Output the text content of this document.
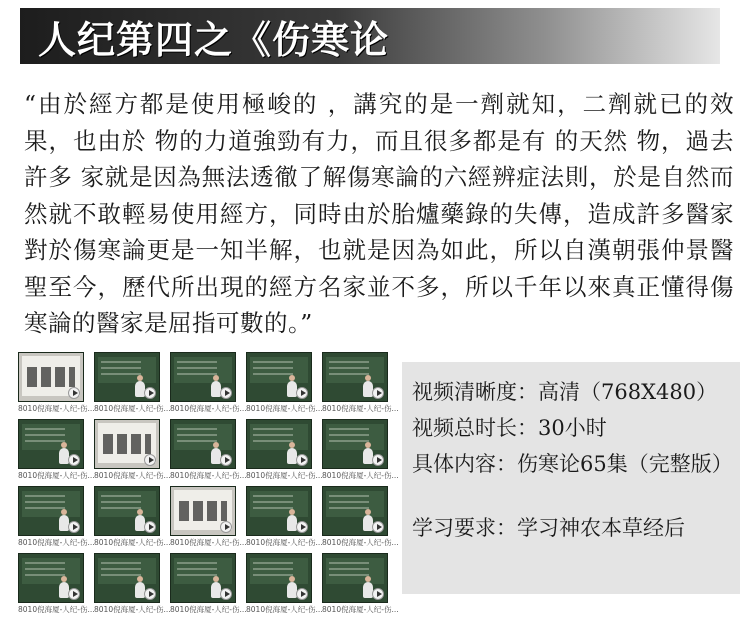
人纪第四之《伤寒论

“由於經方都是使用極峻的 ，講究的是一劑就知，二劑就已的效果，也由於 物的力道強勁有力，而且很多都是有 的天然 物，過去許多 家就是因為無法透徹了解傷寒論的六經辨症法則，於是自然而然就不敢輕易使用經方，同時由於胎爐藥錄的失傳，造成許多醫家對於傷寒論更是一知半解，也就是因為如此，所以自漢朝張仲景醫聖至今，歷代所出現的經方名家並不多，所以千年以來真正懂得傷寒論的醫家是屈指可數的。”

8010倪海厦-人纪-伤... 8010倪海厦-人纪-伤... 8010倪海厦-人纪-伤... 8010倪海厦-人纪-伤... 8010倪海厦-人纪-伤...
8010倪海厦-人纪-伤... 8010倪海厦-人纪-伤... 8010倪海厦-人纪-伤... 8010倪海厦-人纪-伤... 8010倪海厦-人纪-伤...
8010倪海厦-人纪-伤... 8010倪海厦-人纪-伤... 8010倪海厦-人纪-伤... 8010倪海厦-人纪-伤... 8010倪海厦-人纪-伤...
8010倪海厦-人纪-伤... 8010倪海厦-人纪-伤... 8010倪海厦-人纪-伤... 8010倪海厦-人纪-伤... 8010倪海厦-人纪-伤...
视频清晰度： 高清（768X480）
视频总时长： 30小时
具体内容： 伤寒论65集（完整版）
学习要求： 学习神农本草经后
